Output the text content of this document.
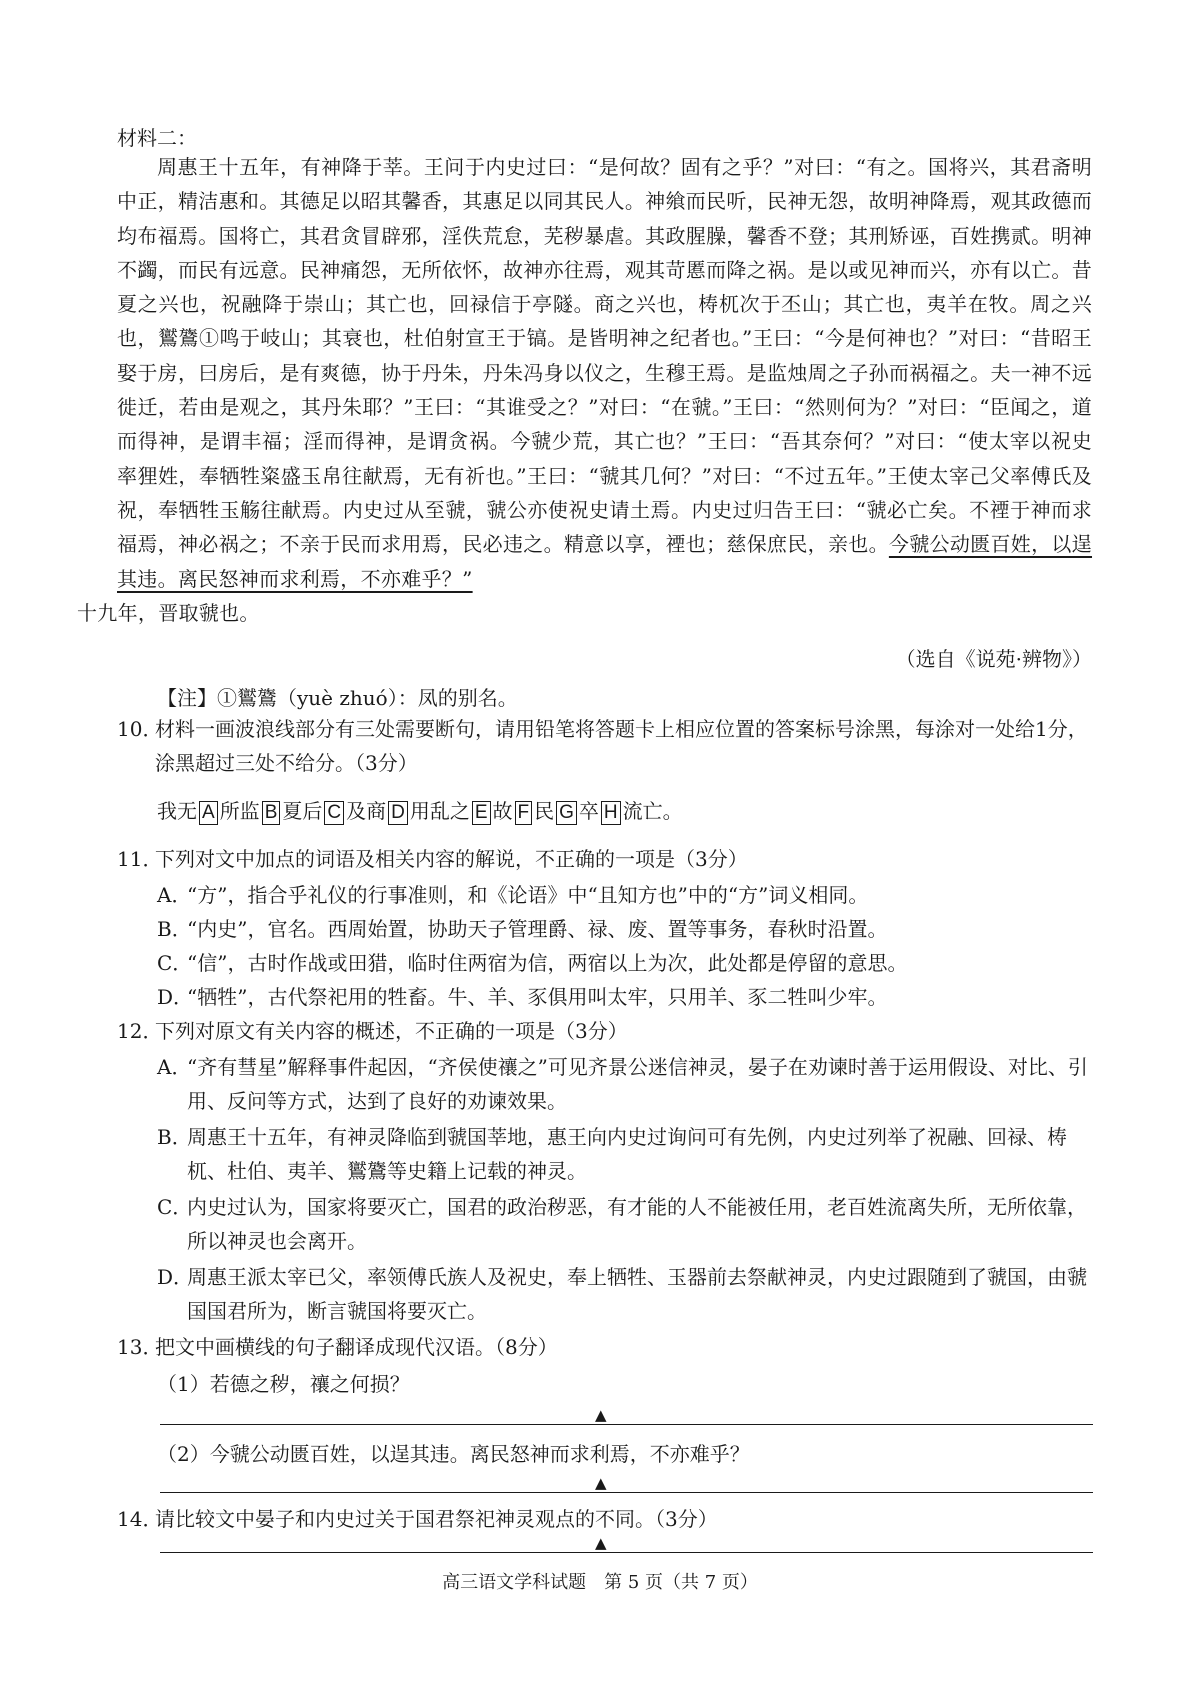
材料二：
周惠王十五年，有神降于莘。王问于内史过曰：“是何故？固有之乎？”对曰：“有之。国将兴，其君斋明中正，精洁惠和。其德足以昭其馨香，其惠足以同其民人。神飨而民听，民神无怨，故明神降焉，观其政德而均布福焉。国将亡，其君贪冒辟邪，淫佚荒怠，芜秽暴虐。其政腥臊，馨香不登；其刑矫诬，百姓携贰。明神不蠲，而民有远意。民神痛怨，无所依怀，故神亦往焉，观其苛慝而降之祸。是以或见神而兴，亦有以亡。昔夏之兴也，祝融降于崇山；其亡也，回禄信于亭隧。商之兴也，梼杌次于丕山；其亡也，夷羊在牧。周之兴也，鸑鷟①鸣于岐山；其衰也，杜伯射宣王于镐。是皆明神之纪者也。”王曰：“今是何神也？”对曰：“昔昭王娶于房，曰房后，是有爽德，协于丹朱，丹朱冯身以仪之，生穆王焉。是监烛周之子孙而祸福之。夫一神不远徙迁，若由是观之，其丹朱耶？”王曰：“其谁受之？”对曰：“在虢。”王曰：“然则何为？”对曰：“臣闻之，道而得神，是谓丰福；淫而得神，是谓贪祸。今虢少荒，其亡也？”王曰：“吾其奈何？”对曰：“使太宰以祝史率狸姓，奉牺牲粢盛玉帛往献焉，无有祈也。”王曰：“虢其几何？”对曰：“不过五年。”王使太宰己父率傅氏及祝，奉牺牲玉觞往献焉。内史过从至虢，虢公亦使祝史请土焉。内史过归告王曰：“虢必亡矣。不禋于神而求福焉，神必祸之；不亲于民而求用焉，民必违之。精意以享，禋也；慈保庶民，亲也。今虢公动匮百姓，以逞其违。离民怒神而求利焉，不亦难乎？”
十九年，晋取虢也。
（选自《说苑·辨物》）
【注】①鸑鷟（yuè zhuó）：凤的别名。
10．
材料一画波浪线部分有三处需要断句，请用铅笔将答题卡上相应位置的答案标号涂黑，每涂对一处给1分，涂黑超过三处不给分。（3分）
我无 A 所监 B 夏后 C 及商 D 用乱之 E 故 F 民 G 卒 H 流亡。
11．
下列对文中加点的词语及相关内容的解说，不正确的一项是（3分）
A．
“方”，指合乎礼仪的行事准则，和《论语》中“且知方也”中的“方”词义相同。
B．
“内史”，官名。西周始置，协助天子管理爵、禄、废、置等事务，春秋时沿置。
C．
“信”，古时作战或田猎，临时住两宿为信，两宿以上为次，此处都是停留的意思。
D．
“牺牲”，古代祭祀用的牲畜。牛、羊、豕俱用叫太牢，只用羊、豕二牲叫少牢。
12．
下列对原文有关内容的概述，不正确的一项是（3分）
A．
“齐有彗星”解释事件起因，“齐侯使禳之”可见齐景公迷信神灵，晏子在劝谏时善于运用假设、对比、引用、反问等方式，达到了良好的劝谏效果。
B．
周惠王十五年，有神灵降临到虢国莘地，惠王向内史过询问可有先例，内史过列举了祝融、回禄、梼杌、杜伯、夷羊、鸑鷟等史籍上记载的神灵。
C．
内史过认为，国家将要灭亡，国君的政治秽恶，有才能的人不能被任用，老百姓流离失所，无所依靠，所以神灵也会离开。
D．
周惠王派太宰已父，率领傅氏族人及祝史，奉上牺牲、玉器前去祭献神灵，内史过跟随到了虢国，由虢国国君所为，断言虢国将要灭亡。
13．
把文中画横线的句子翻译成现代汉语。（8分）
（1）若德之秽，禳之何损？
▲
（2）今虢公动匮百姓，以逞其违。离民怒神而求利焉，不亦难乎？
▲
14．
请比较文中晏子和内史过关于国君祭祀神灵观点的不同。（3分）
▲
高三语文学科试题　第 5 页（共 7 页）
